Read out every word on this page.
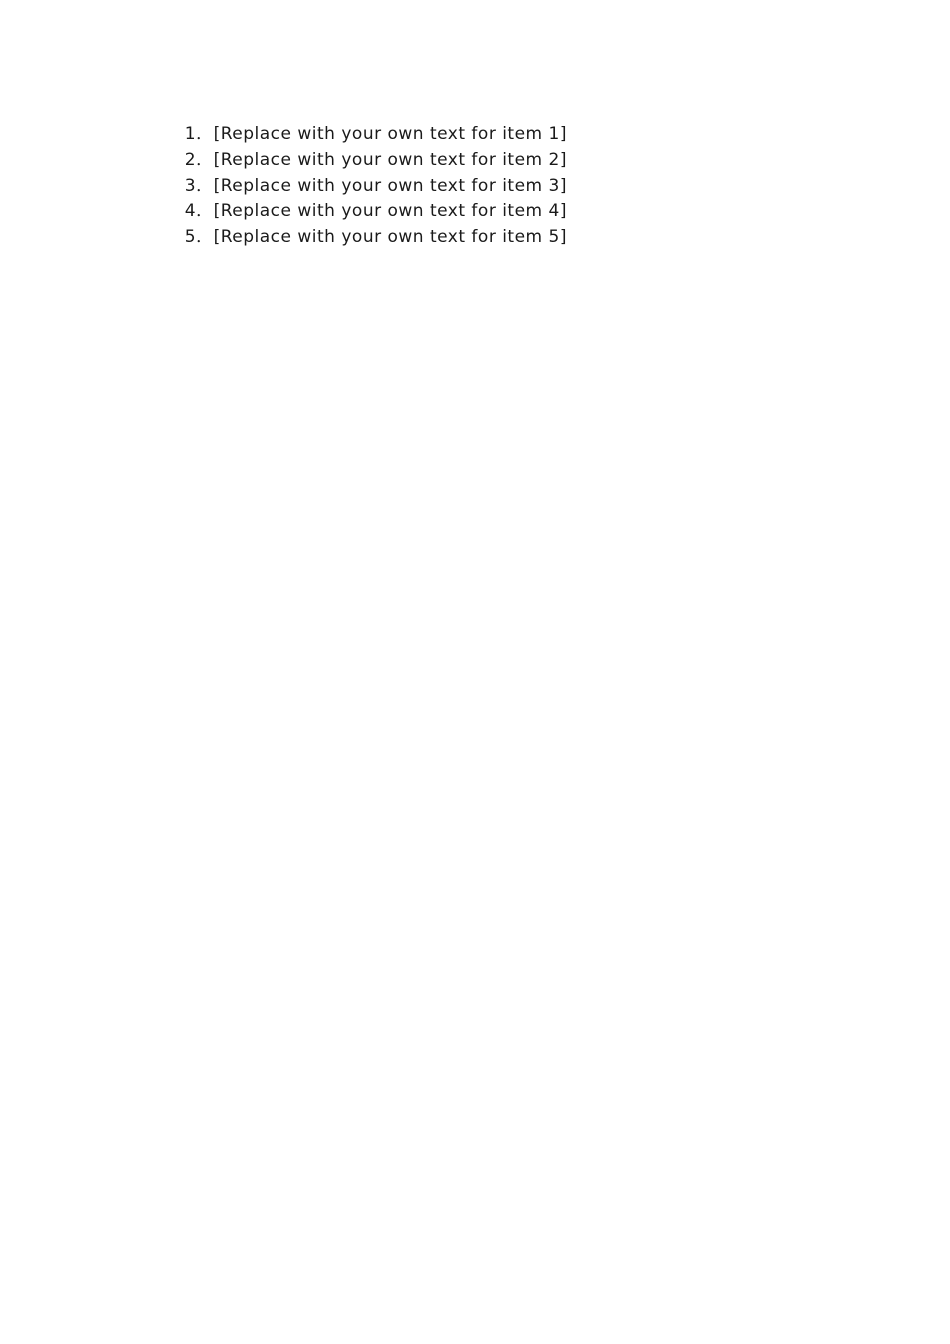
1．[Replace with your own text for item 1]

2．[Replace with your own text for item 2]

3．[Replace with your own text for item 3]

4．[Replace with your own text for item 4]

5．[Replace with your own text for item 5]
